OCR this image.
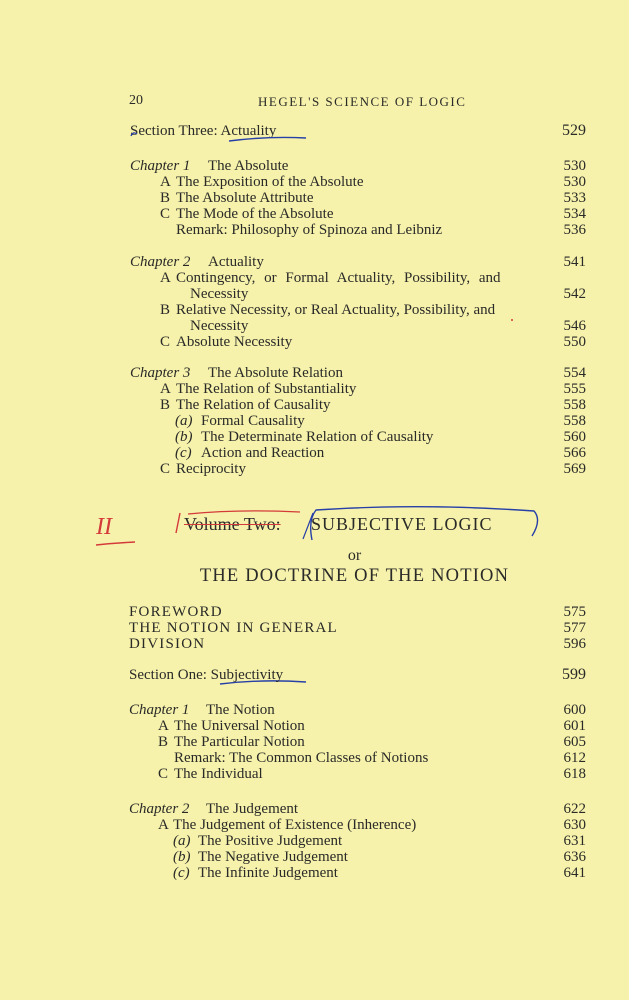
20	HEGEL'S SCIENCE OF LOGIC
Section Three: Actuality	529
Chapter 1 The Absolute	530
A The Exposition of the Absolute	530
B The Absolute Attribute	533
C The Mode of the Absolute	534
Remark: Philosophy of Spinoza and Leibniz	536
Chapter 2 Actuality	541
A Contingency, or Formal Actuality, Possibility, and
Necessity	542
B Relative Necessity, or Real Actuality, Possibility, and
Necessity	546
C Absolute Necessity	550
Chapter 3 The Absolute Relation	554
A The Relation of Substantiality	555
B The Relation of Causality	558
(a) Formal Causality	558
(b) The Determinate Relation of Causality	560
(c) Action and Reaction	566
C Reciprocity	569
II	Volume Two: SUBJECTIVE LOGIC
or
THE DOCTRINE OF THE NOTION
FOREWORD	575
THE NOTION IN GENERAL	577
DIVISION	596
Section One: Subjectivity	599
Chapter 1 The Notion	600
A The Universal Notion	601
B The Particular Notion	605
Remark: The Common Classes of Notions	612
C The Individual	618
Chapter 2 The Judgement	622
A The Judgement of Existence (Inherence)	630
(a) The Positive Judgement	631
(b) The Negative Judgement	636
(c) The Infinite Judgement	641
